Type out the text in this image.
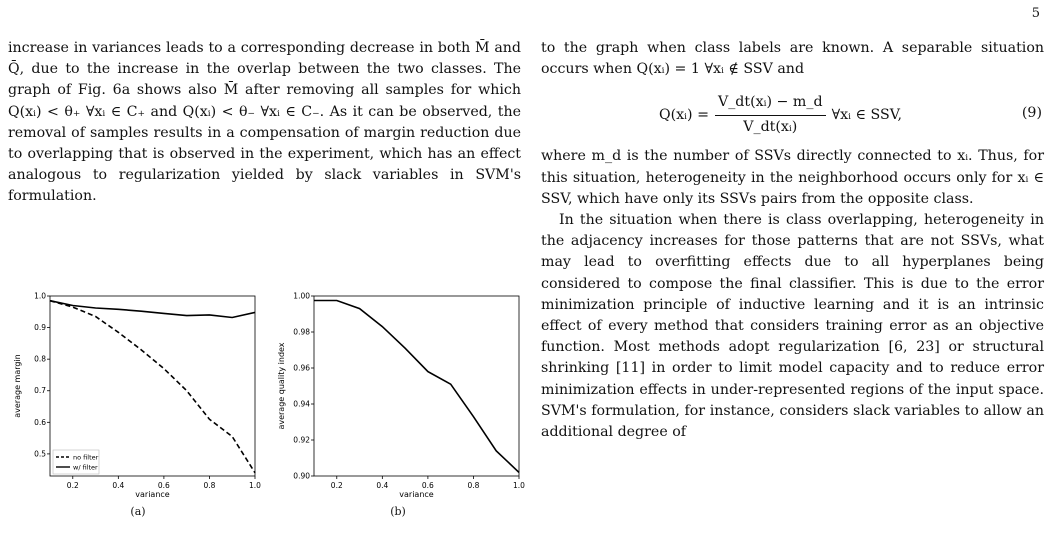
5

increase in variances leads to a corresponding decrease in both M̄ and Q̄, due to the increase in the overlap between the two classes. The graph of Fig. 6a shows also M̄ after removing all samples for which Q(xᵢ) < θ₊ ∀xᵢ ∈ C₊ and Q(xᵢ) < θ₋ ∀xᵢ ∈ C₋. As it can be observed, the removal of samples results in a compensation of margin reduction due to overlapping that is observed in the experiment, which has an effect analogous to regularization yielded by slack variables in SVM's formulation.

to the graph when class labels are known. A separable situation occurs when Q(xᵢ) = 1 ∀xᵢ ∉ SSV and

Q(xᵢ) = $\frac{\text{V\_dt(xᵢ) − m\_d}}{\text{V\_dt(xᵢ)}}$ ∀xᵢ ∈ SSV,	(9)

where m_d is the number of SSVs directly connected to xᵢ. Thus, for this situation, heterogeneity in the neighborhood occurs only for xᵢ ∈ SSV, which have only its SSVs pairs from the opposite class.

In the situation when there is class overlapping, heterogeneity in the adjacency increases for those patterns that are not SSVs, what may lead to overfitting effects due to all hyperplanes being considered to compose the final classifier. This is due to the error minimization principle of inductive learning and it is an intrinsic effect of every method that considers training error as an objective function. Most methods adopt regularization [6, 23] or structural shrinking [11] in order to limit model capacity and to reduce error minimization effects in under-represented regions of the input space. SVM's formulation, for instance, considers slack variables to allow an additional degree of

0.2	0.4	0.6	0.8	1.0
0.5
0.6
0.7
0.8
0.9
1.0
variance
average margin
no filter
w/ filter
(a)
0.2	0.4	0.6	0.8	1.0
0.90
0.92
0.94
0.96
0.98
1.00
variance
average quality index
(b)
